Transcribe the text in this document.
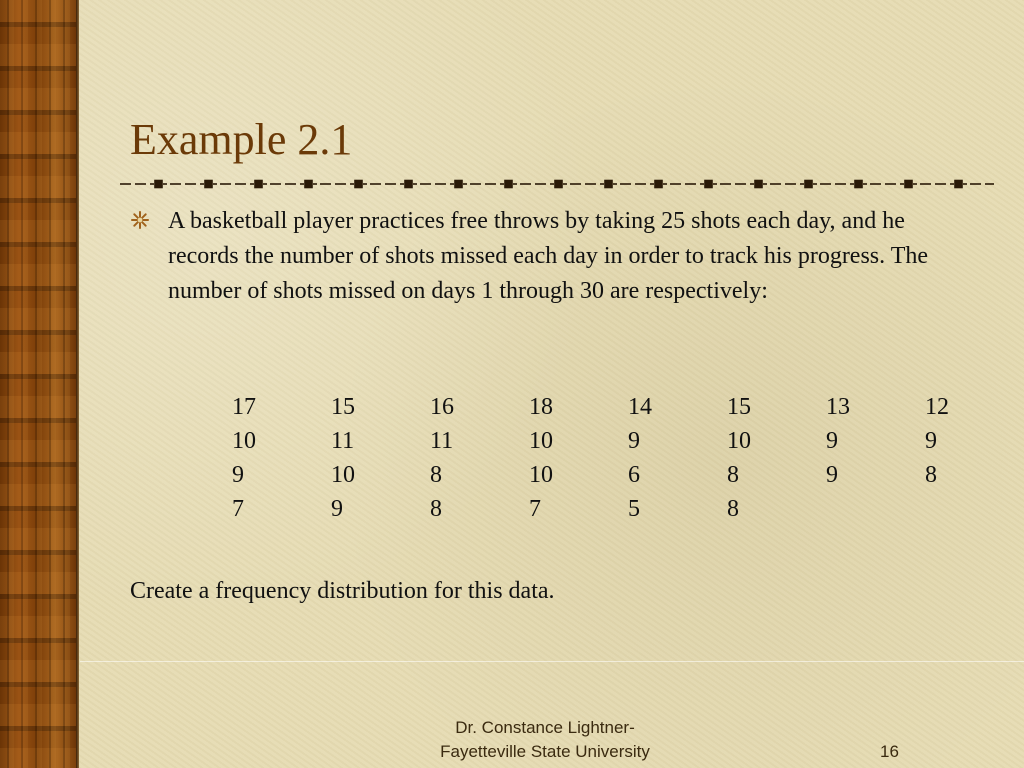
Example 2.1
A basketball player practices free throws by taking 25 shots each day, and he records the number of shots missed each day in order to track his progress. The number of shots missed on days 1 through 30 are respectively:
17	15	16	18	14	15	13	12
10	11	11	10	9	10	9	9
9	10	8	10	6	8	9	8
7	9	8	7	5	8		
Create a frequency distribution for this data.
Dr. Constance Lightner-
Fayetteville State University	16
